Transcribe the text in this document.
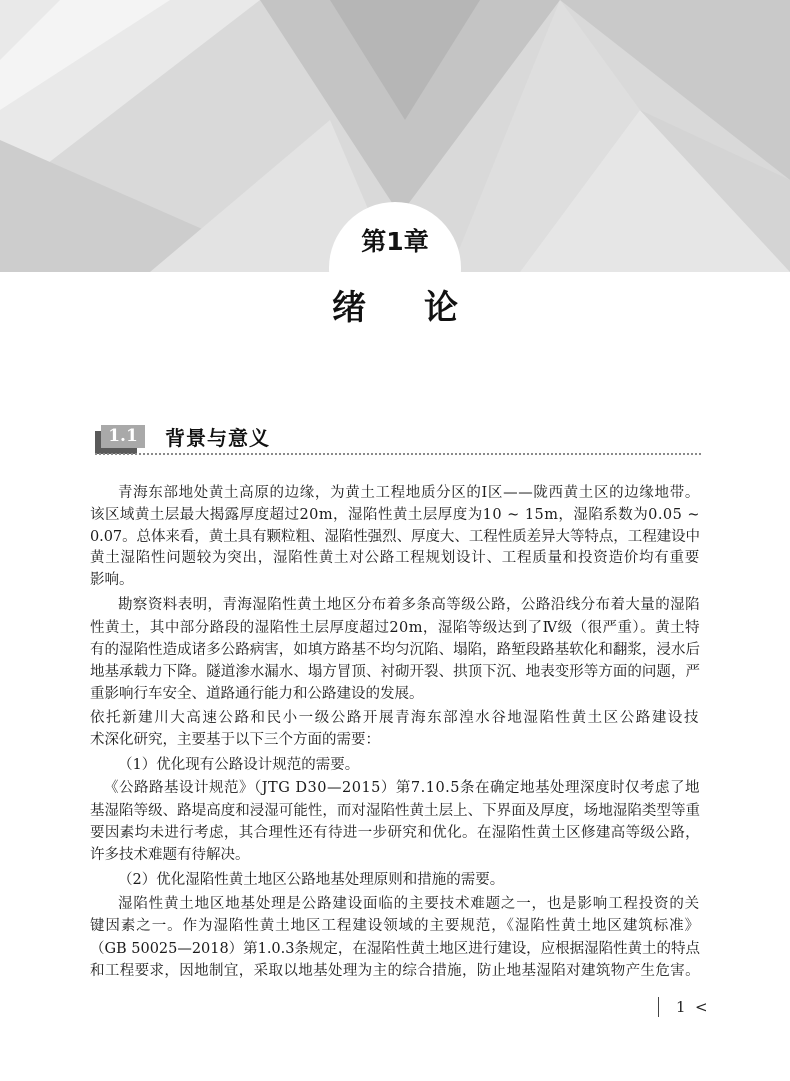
第1章
绪　论
1.1	背景与意义
青海东部地处黄土高原的边缘，为黄土工程地质分区的Ⅰ区——陇西黄土区的边缘地带。
该区域黄土层最大揭露厚度超过20m，湿陷性黄土层厚度为10 ~ 15m，湿陷系数为0.05 ~
0.07。总体来看，黄土具有颗粒粗、湿陷性强烈、厚度大、工程性质差异大等特点，工程建设中
黄土湿陷性问题较为突出，湿陷性黄土对公路工程规划设计、工程质量和投资造价均有重要
影响。
勘察资料表明，青海湿陷性黄土地区分布着多条高等级公路，公路沿线分布着大量的湿陷
性黄土，其中部分路段的湿陷性土层厚度超过20m，湿陷等级达到了Ⅳ级（很严重）。黄土特
有的湿陷性造成诸多公路病害，如填方路基不均匀沉陷、塌陷，路堑段路基软化和翻浆，浸水后
地基承载力下降。隧道渗水漏水、塌方冒顶、衬砌开裂、拱顶下沉、地表变形等方面的问题，严
重影响行车安全、道路通行能力和公路建设的发展。
依托新建川大高速公路和民小一级公路开展青海东部湟水谷地湿陷性黄土区公路建设技
术深化研究，主要基于以下三个方面的需要：
（1）优化现有公路设计规范的需要。
《公路路基设计规范》（JTG D30—2015）第7.10.5条在确定地基处理深度时仅考虑了地
基湿陷等级、路堤高度和浸湿可能性，而对湿陷性黄土层上、下界面及厚度，场地湿陷类型等重
要因素均未进行考虑，其合理性还有待进一步研究和优化。在湿陷性黄土区修建高等级公路，
许多技术难题有待解决。
（2）优化湿陷性黄土地区公路地基处理原则和措施的需要。
湿陷性黄土地区地基处理是公路建设面临的主要技术难题之一，也是影响工程投资的关
键因素之一。作为湿陷性黄土地区工程建设领域的主要规范，《湿陷性黄土地区建筑标准》
（GB 50025—2018）第1.0.3条规定，在湿陷性黄土地区进行建设，应根据湿陷性黄土的特点
和工程要求，因地制宜，采取以地基处理为主的综合措施，防止地基湿陷对建筑物产生危害。
1 <
